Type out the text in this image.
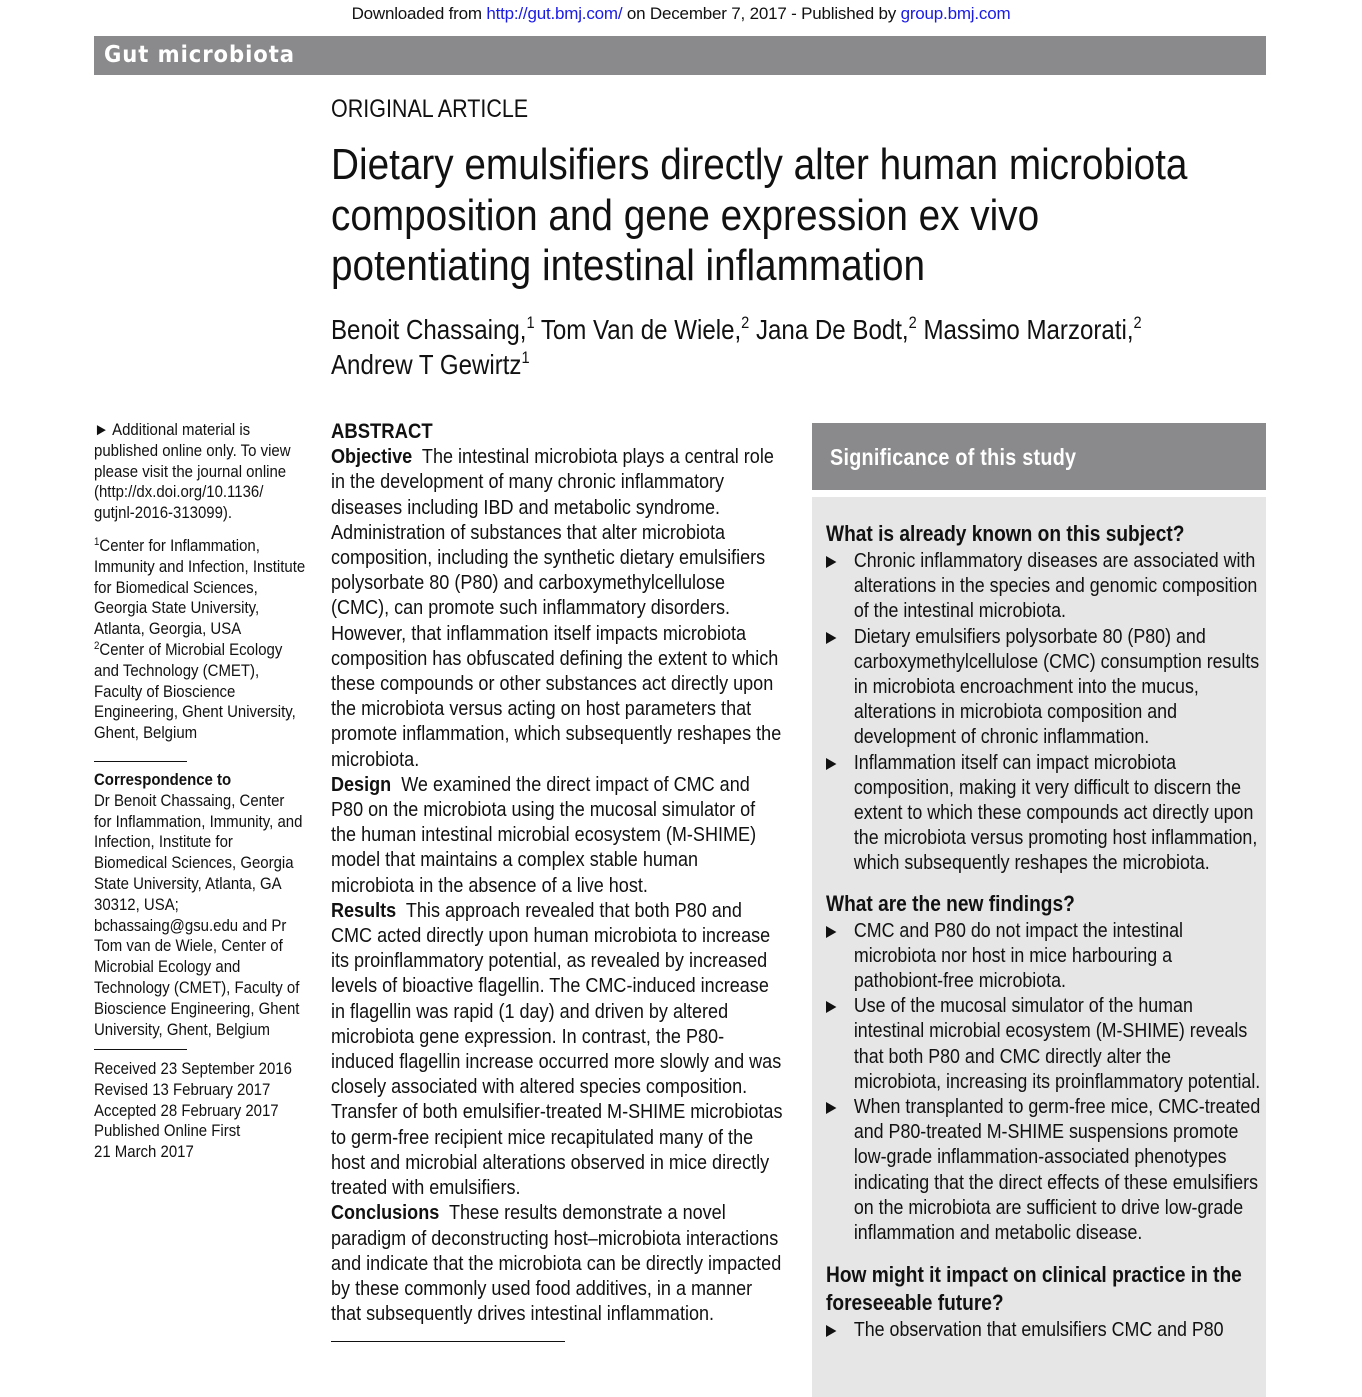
Downloaded from http://gut.bmj.com/ on December 7, 2017 - Published by group.bmj.com
Gut microbiota
ORIGINAL ARTICLE
Dietary emulsifiers directly alter human microbiota
composition and gene expression ex vivo
potentiating intestinal inflammation
Benoit Chassaing,$^1$ Tom Van de Wiele,$^2$ Jana De Bodt,$^2$ Massimo Marzorati,$^2$
Andrew T Gewirtz$^1$

► Additional material is published online only. To view please visit the journal online (http://dx.doi.org/10.1136/ gutjnl-2016-313099).

$^1$Center for Inflammation, Immunity and Infection, Institute for Biomedical Sciences, Georgia State University, Atlanta, Georgia, USA

$^2$Center of Microbial Ecology and Technology (CMET), Faculty of Bioscience Engineering, Ghent University, Ghent, Belgium

Correspondence to

Dr Benoit Chassaing, Center for Inflammation, Immunity, and Infection, Institute for Biomedical Sciences, Georgia State University, Atlanta, GA 30312, USA; bchassaing@gsu.edu and Pr Tom van de Wiele, Center of Microbial Ecology and Technology (CMET), Faculty of Bioscience Engineering, Ghent University, Ghent, Belgium

Received 23 September 2016

Revised 13 February 2017

Accepted 28 February 2017

Published Online First

21 March 2017

ABSTRACT

Objective The intestinal microbiota plays a central role in the development of many chronic inflammatory diseases including IBD and metabolic syndrome. Administration of substances that alter microbiota composition, including the synthetic dietary emulsifiers polysorbate 80 (P80) and carboxymethylcellulose (CMC), can promote such inflammatory disorders. However, that inflammation itself impacts microbiota composition has obfuscated defining the extent to which these compounds or other substances act directly upon the microbiota versus acting on host parameters that promote inflammation, which subsequently reshapes the microbiota.

Design We examined the direct impact of CMC and P80 on the microbiota using the mucosal simulator of the human intestinal microbial ecosystem (M-SHIME) model that maintains a complex stable human microbiota in the absence of a live host.

Results This approach revealed that both P80 and CMC acted directly upon human microbiota to increase its proinflammatory potential, as revealed by increased levels of bioactive flagellin. The CMC-induced increase in flagellin was rapid (1 day) and driven by altered microbiota gene expression. In contrast, the P80-induced flagellin increase occurred more slowly and was closely associated with altered species composition. Transfer of both emulsifier-treated M-SHIME microbiotas to germ-free recipient mice recapitulated many of the host and microbial alterations observed in mice directly treated with emulsifiers.

Conclusions These results demonstrate a novel paradigm of deconstructing host–microbiota interactions and indicate that the microbiota can be directly impacted by these commonly used food additives, in a manner that subsequently drives intestinal inflammation.

Significance of this study
What is already known on this subject?
Chronic inflammatory diseases are associated with alterations in the species and genomic composition of the intestinal microbiota.
Dietary emulsifiers polysorbate 80 (P80) and carboxymethylcellulose (CMC) consumption results in microbiota encroachment into the mucus, alterations in microbiota composition and development of chronic inflammation.
Inflammation itself can impact microbiota composition, making it very difficult to discern the extent to which these compounds act directly upon the microbiota versus promoting host inflammation, which subsequently reshapes the microbiota.
What are the new findings?
CMC and P80 do not impact the intestinal microbiota nor host in mice harbouring a pathobiont-free microbiota.
Use of the mucosal simulator of the human intestinal microbial ecosystem (M-SHIME) reveals that both P80 and CMC directly alter the microbiota, increasing its proinflammatory potential.
When transplanted to germ-free mice, CMC-treated and P80-treated M-SHIME suspensions promote low-grade inflammation-associated phenotypes indicating that the direct effects of these emulsifiers on the microbiota are sufficient to drive low-grade inflammation and metabolic disease.
How might it impact on clinical practice in the foreseeable future?
The observation that emulsifiers CMC and P80
